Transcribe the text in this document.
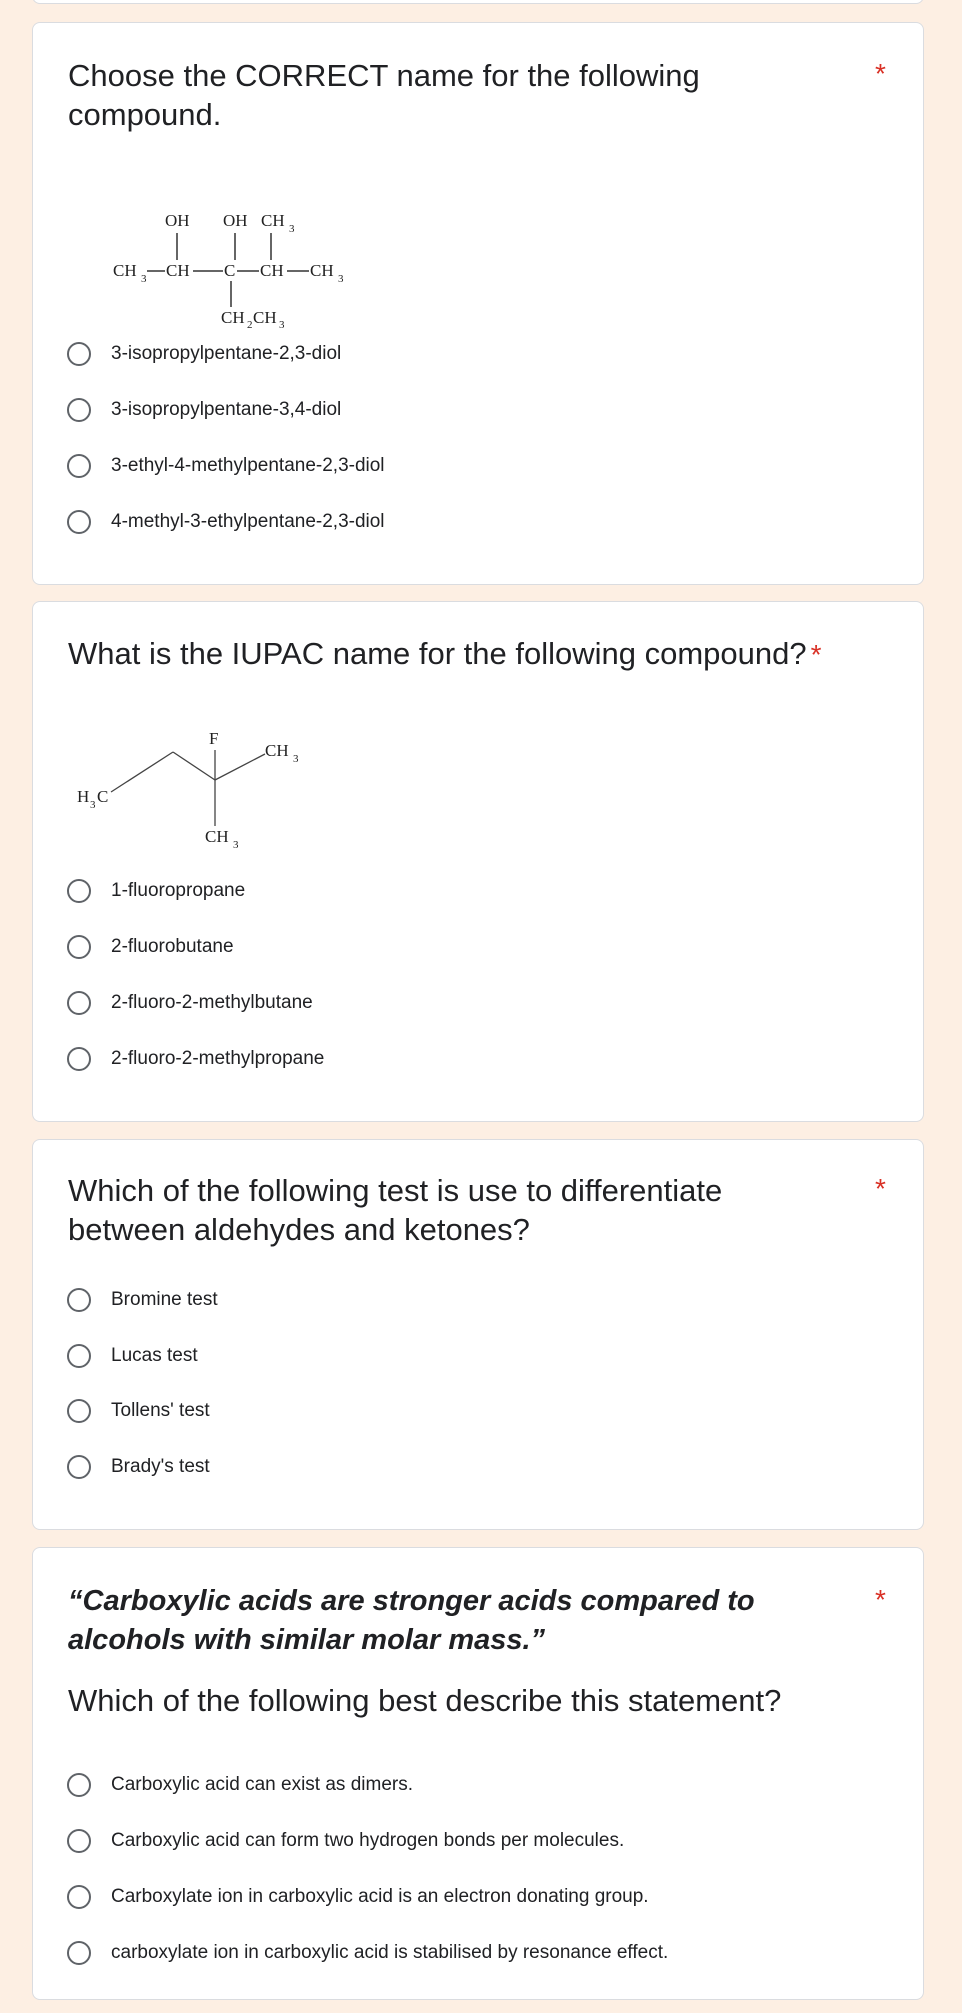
Choose the CORRECT name for the following compound.
*
OH OH CH 3
CH 3 CH C CH CH 3
CH 2 CH 3
3-isopropylpentane-2,3-diol
3-isopropylpentane-3,4-diol
3-ethyl-4-methylpentane-2,3-diol
4-methyl-3-ethylpentane-2,3-diol
What is the IUPAC name for the following compound? *
H 3 C
F
CH 3
CH 3
1-fluoropropane
2-fluorobutane
2-fluoro-2-methylbutane
2-fluoro-2-methylpropane
Which of the following test is use to differentiate between aldehydes and ketones?
*
Bromine test
Lucas test
Tollens' test
Brady's test
“Carboxylic acids are stronger acids compared to alcohols with similar molar mass.”
*
Which of the following best describe this statement?
Carboxylic acid can exist as dimers.
Carboxylic acid can form two hydrogen bonds per molecules.
Carboxylate ion in carboxylic acid is an electron donating group.
carboxylate ion in carboxylic acid is stabilised by resonance effect.
